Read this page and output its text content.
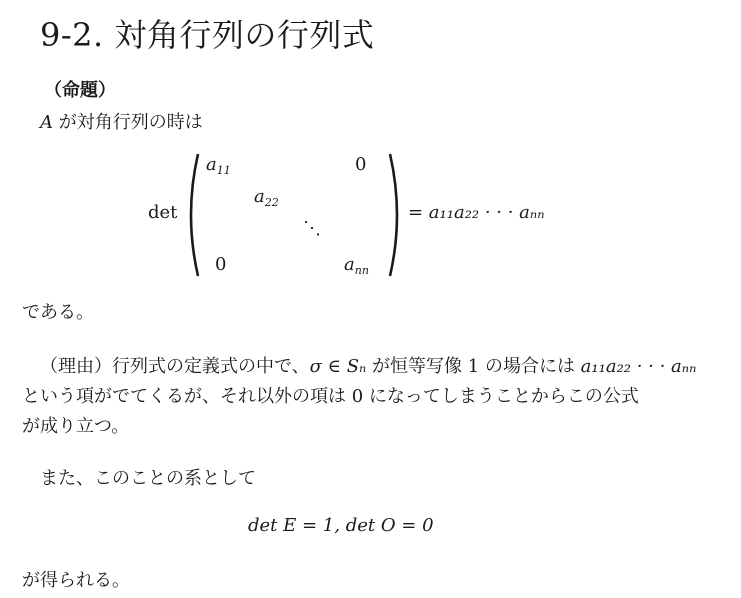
9-2. 対角行列の行列式
（命題）
A が対角行列の時は
det
$a_{11}$	0
$a_{22}$
⋱
0	$a_{nn}$
= a₁₁a₂₂ · · · aₙₙ
である。
（理由）行列式の定義式の中で、σ ∈ Sₙ が恒等写像 1 の場合には a₁₁a₂₂ · · · aₙₙ
という項がでてくるが、それ以外の項は 0 になってしまうことからこの公式
が成り立つ。
また、このことの系として
det E = 1, det O = 0
が得られる。
